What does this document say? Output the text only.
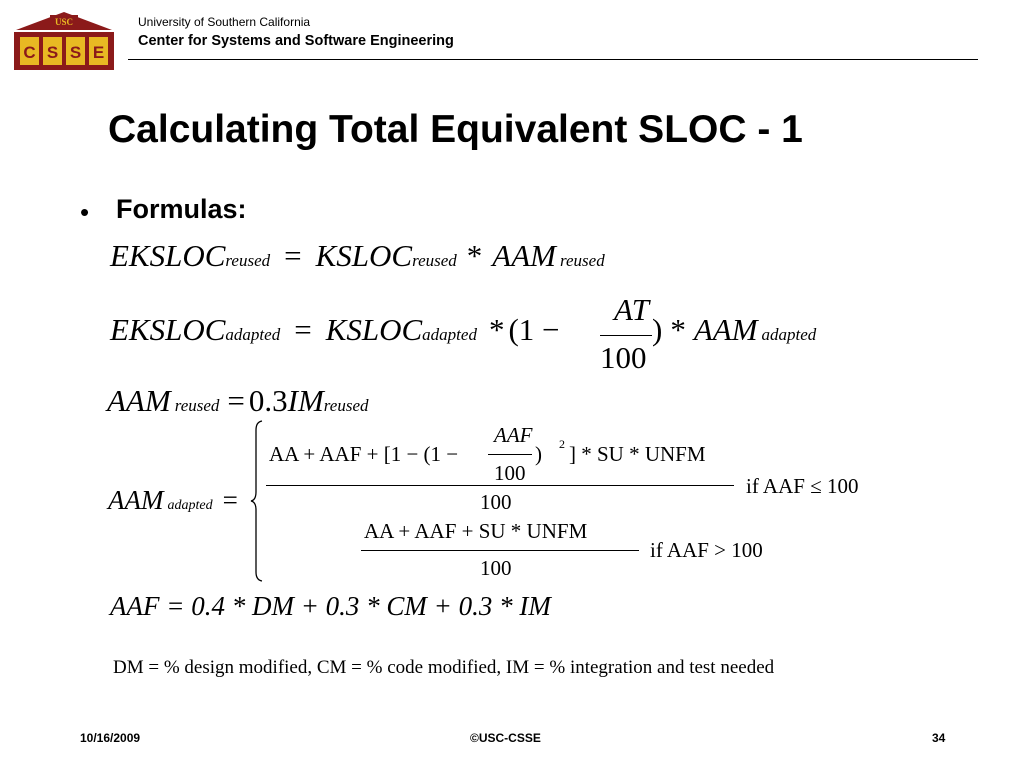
USC
C S S E
University of Southern California
Center for Systems and Software Engineering
Calculating Total Equivalent SLOC - 1
• Formulas:
EKSLOCreused = KSLOCreused * AAM reused
EKSLOCadapted = KSLOCadapted * (1 −
AT
100
) * AAM adapted
AAM reused = 0.3IMreused
AAM adapted =
AA + AAF + [1 − (1 −
AAF
100
) 2 ] * SU * UNFM
100
if AAF ≤ 100
AA + AAF + SU * UNFM
100
if AAF > 100
AAF = 0.4 * DM + 0.3 * CM + 0.3 * IM
DM = % design modified, CM = % code modified, IM = % integration and test needed
10/16/2009	©USC-CSSE	34
